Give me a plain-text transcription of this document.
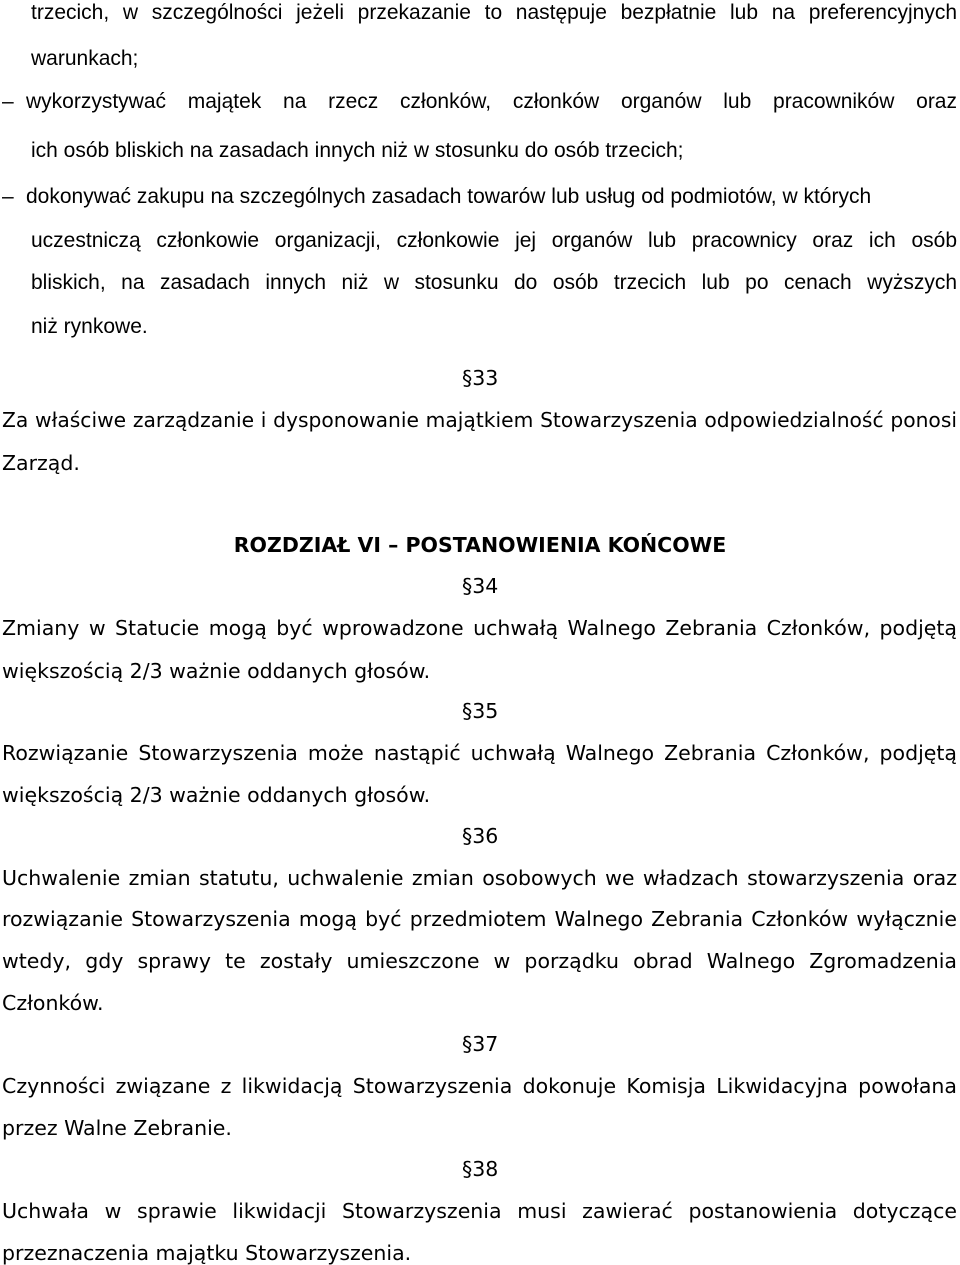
trzecich, w szczególności jeżeli przekazanie to następuje bezpłatnie lub na preferencyjnych
warunkach;
– wykorzystywać majątek na rzecz członków, członków organów lub pracowników oraz
ich osób bliskich na zasadach innych niż w stosunku do osób trzecich;
– dokonywać zakupu na szczególnych zasadach towarów lub usług od podmiotów, w których
uczestniczą członkowie organizacji, członkowie jej organów lub pracownicy oraz ich osób
bliskich, na zasadach innych niż w stosunku do osób trzecich lub po cenach wyższych
niż rynkowe.
§33
Za właściwe zarządzanie i dysponowanie majątkiem Stowarzyszenia odpowiedzialność ponosi
Zarząd.
ROZDZIAŁ VI – POSTANOWIENIA KOŃCOWE
§34
Zmiany w Statucie mogą być wprowadzone uchwałą Walnego Zebrania Członków, podjętą
większością 2/3 ważnie oddanych głosów.
§35
Rozwiązanie Stowarzyszenia może nastąpić uchwałą Walnego Zebrania Członków, podjętą
większością 2/3 ważnie oddanych głosów.
§36
Uchwalenie zmian statutu, uchwalenie zmian osobowych we władzach stowarzyszenia oraz
rozwiązanie Stowarzyszenia mogą być przedmiotem Walnego Zebrania Członków wyłącznie
wtedy, gdy sprawy te zostały umieszczone w porządku obrad Walnego Zgromadzenia
Członków.
§37
Czynności związane z likwidacją Stowarzyszenia dokonuje Komisja Likwidacyjna powołana
przez Walne Zebranie.
§38
Uchwała w sprawie likwidacji Stowarzyszenia musi zawierać postanowienia dotyczące
przeznaczenia majątku Stowarzyszenia.
